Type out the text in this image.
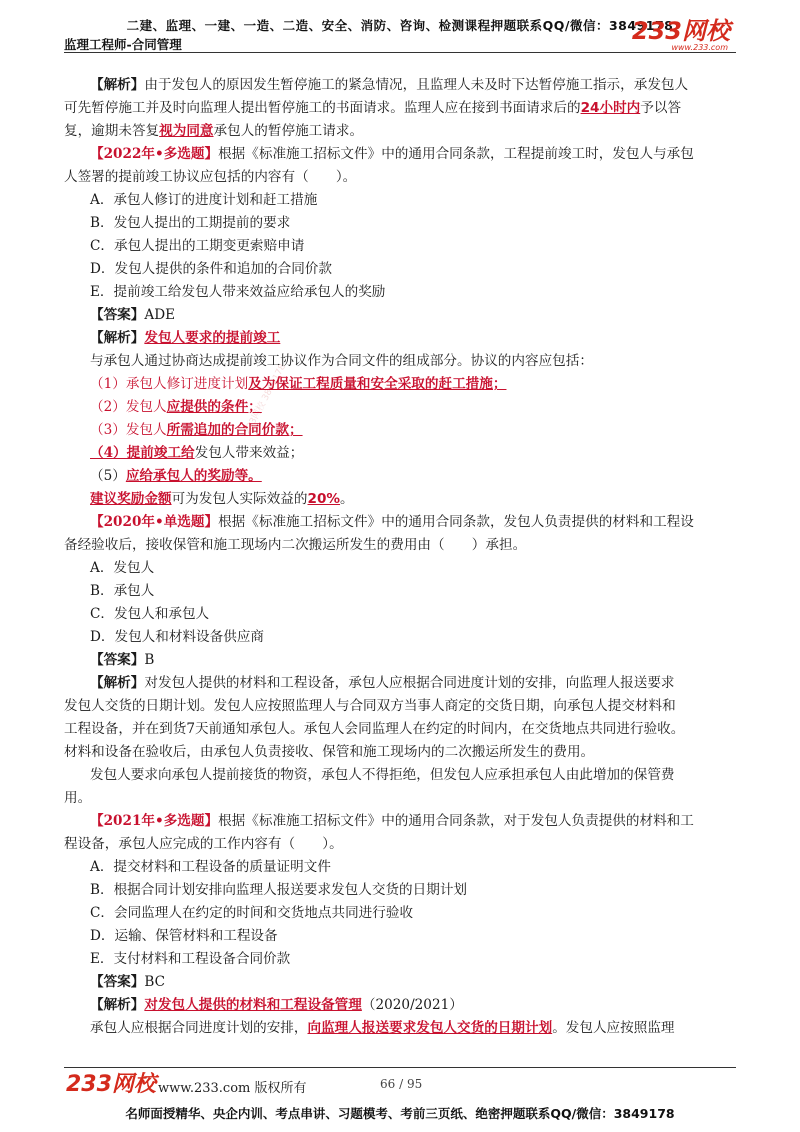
二建、监理、一建、一造、二造、安全、消防、咨询、检测课程押题联系QQ/微信：3849178
监理工程师-合同管理	233网校
www.233.com
233网校 3849178
【解析】由于发包人的原因发生暂停施工的紧急情况，且监理人未及时下达暂停施工指示，承发包人
可先暂停施工并及时向监理人提出暂停施工的书面请求。监理人应在接到书面请求后的24小时内予以答
复，逾期未答复视为同意承包人的暂停施工请求。
【2022年•多选题】根据《标准施工招标文件》中的通用合同条款，工程提前竣工时，发包人与承包
人签署的提前竣工协议应包括的内容有（　　）。
A．承包人修订的进度计划和赶工措施
B．发包人提出的工期提前的要求
C．承包人提出的工期变更索赔申请
D．发包人提供的条件和追加的合同价款
E．提前竣工给发包人带来效益应给承包人的奖励
【答案】ADE
【解析】发包人要求的提前竣工
与承包人通过协商达成提前竣工协议作为合同文件的组成部分。协议的内容应包括：
（1）承包人修订进度计划及为保证工程质量和安全采取的赶工措施；
（2）发包人应提供的条件；
（3）发包人所需追加的合同价款；
（4）提前竣工给发包人带来效益；
（5）应给承包人的奖励等。
建议奖励金额可为发包人实际效益的20%。
【2020年•单选题】根据《标准施工招标文件》中的通用合同条款，发包人负责提供的材料和工程设
备经验收后，接收保管和施工现场内二次搬运所发生的费用由（　　）承担。
A．发包人
B．承包人
C．发包人和承包人
D．发包人和材料设备供应商
【答案】B
【解析】对发包人提供的材料和工程设备，承包人应根据合同进度计划的安排，向监理人报送要求
发包人交货的日期计划。发包人应按照监理人与合同双方当事人商定的交货日期，向承包人提交材料和
工程设备，并在到货7天前通知承包人。承包人会同监理人在约定的时间内，在交货地点共同进行验收。
材料和设备在验收后，由承包人负责接收、保管和施工现场内的二次搬运所发生的费用。
发包人要求向承包人提前接货的物资，承包人不得拒绝，但发包人应承担承包人由此增加的保管费
用。
【2021年•多选题】根据《标准施工招标文件》中的通用合同条款，对于发包人负责提供的材料和工
程设备，承包人应完成的工作内容有（　　）。
A．提交材料和工程设备的质量证明文件
B．根据合同计划安排向监理人报送要求发包人交货的日期计划
C．会同监理人在约定的时间和交货地点共同进行验收
D．运输、保管材料和工程设备
E．支付材料和工程设备合同价款
【答案】BC
【解析】对发包人提供的材料和工程设备管理（2020/2021）
承包人应根据合同进度计划的安排，向监理人报送要求发包人交货的日期计划。发包人应按照监理
233网校 www.233.com 版权所有	66 / 95
名师面授精华、央企内训、考点串讲、习题模考、考前三页纸、绝密押题联系QQ/微信：3849178
